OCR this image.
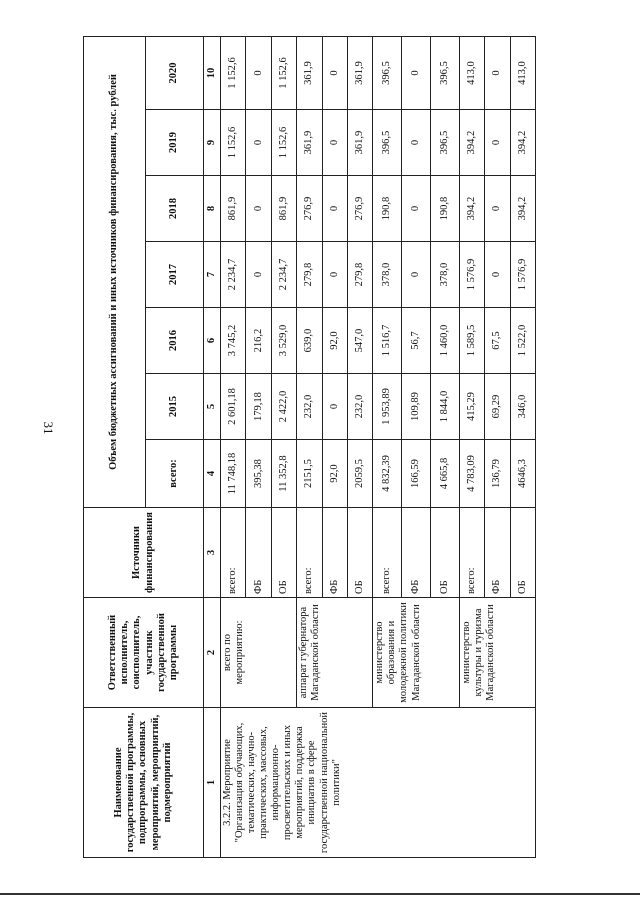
31
Наименование государственной программы, подпрограммы, основных мероприятий, мероприятий, подмероприятий	Ответственный исполнитель, соисполнитель, участник государственной программы	Источники финансирования	Объем бюджетных ассигнований и иных источников финансирования, тыс. рублей						
			всего:	2015	2016	2017	2018	2019	2020
1	2	3	4	5	6	7	8	9	10
3.2.2. Мероприятие "Организация обучающих, тематических, научно-практических, массовых, информационно-просветительских и иных мероприятий, поддержка инициатив в сфере государственной национальной политики"	всего по мероприятию:	всего:	11 748,18	2 601,18	3 745,2	2 234,7	861,9	1 152,6	1 152,6
		ФБ	395,38	179,18	216,2	0	0	0	0
		ОБ	11 352,8	2 422,0	3 529,0	2 234,7	861,9	1 152,6	1 152,6
	аппарат губернатора Магаданской области	всего:	2151,5	232,0	639,0	279,8	276,9	361,9	361,9
		ФБ	92,0	0	92,0	0	0	0	0
		ОБ	2059,5	232,0	547,0	279,8	276,9	361,9	361,9
	министерство образования и молодежной политики Магаданской области	всего:	4 832,39	1 953,89	1 516,7	378,0	190,8	396,5	396,5
		ФБ	166,59	109,89	56,7	0	0	0	0
		ОБ	4 665,8	1 844,0	1 460,0	378,0	190,8	396,5	396,5
	министерство культуры и туризма Магаданской области	всего:	4 783,09	415,29	1 589,5	1 576,9	394,2	394,2	413,0
		ФБ	136,79	69,29	67,5	0	0	0	0
		ОБ	4646,3	346,0	1 522,0	1 576,9	394,2	394,2	413,0
